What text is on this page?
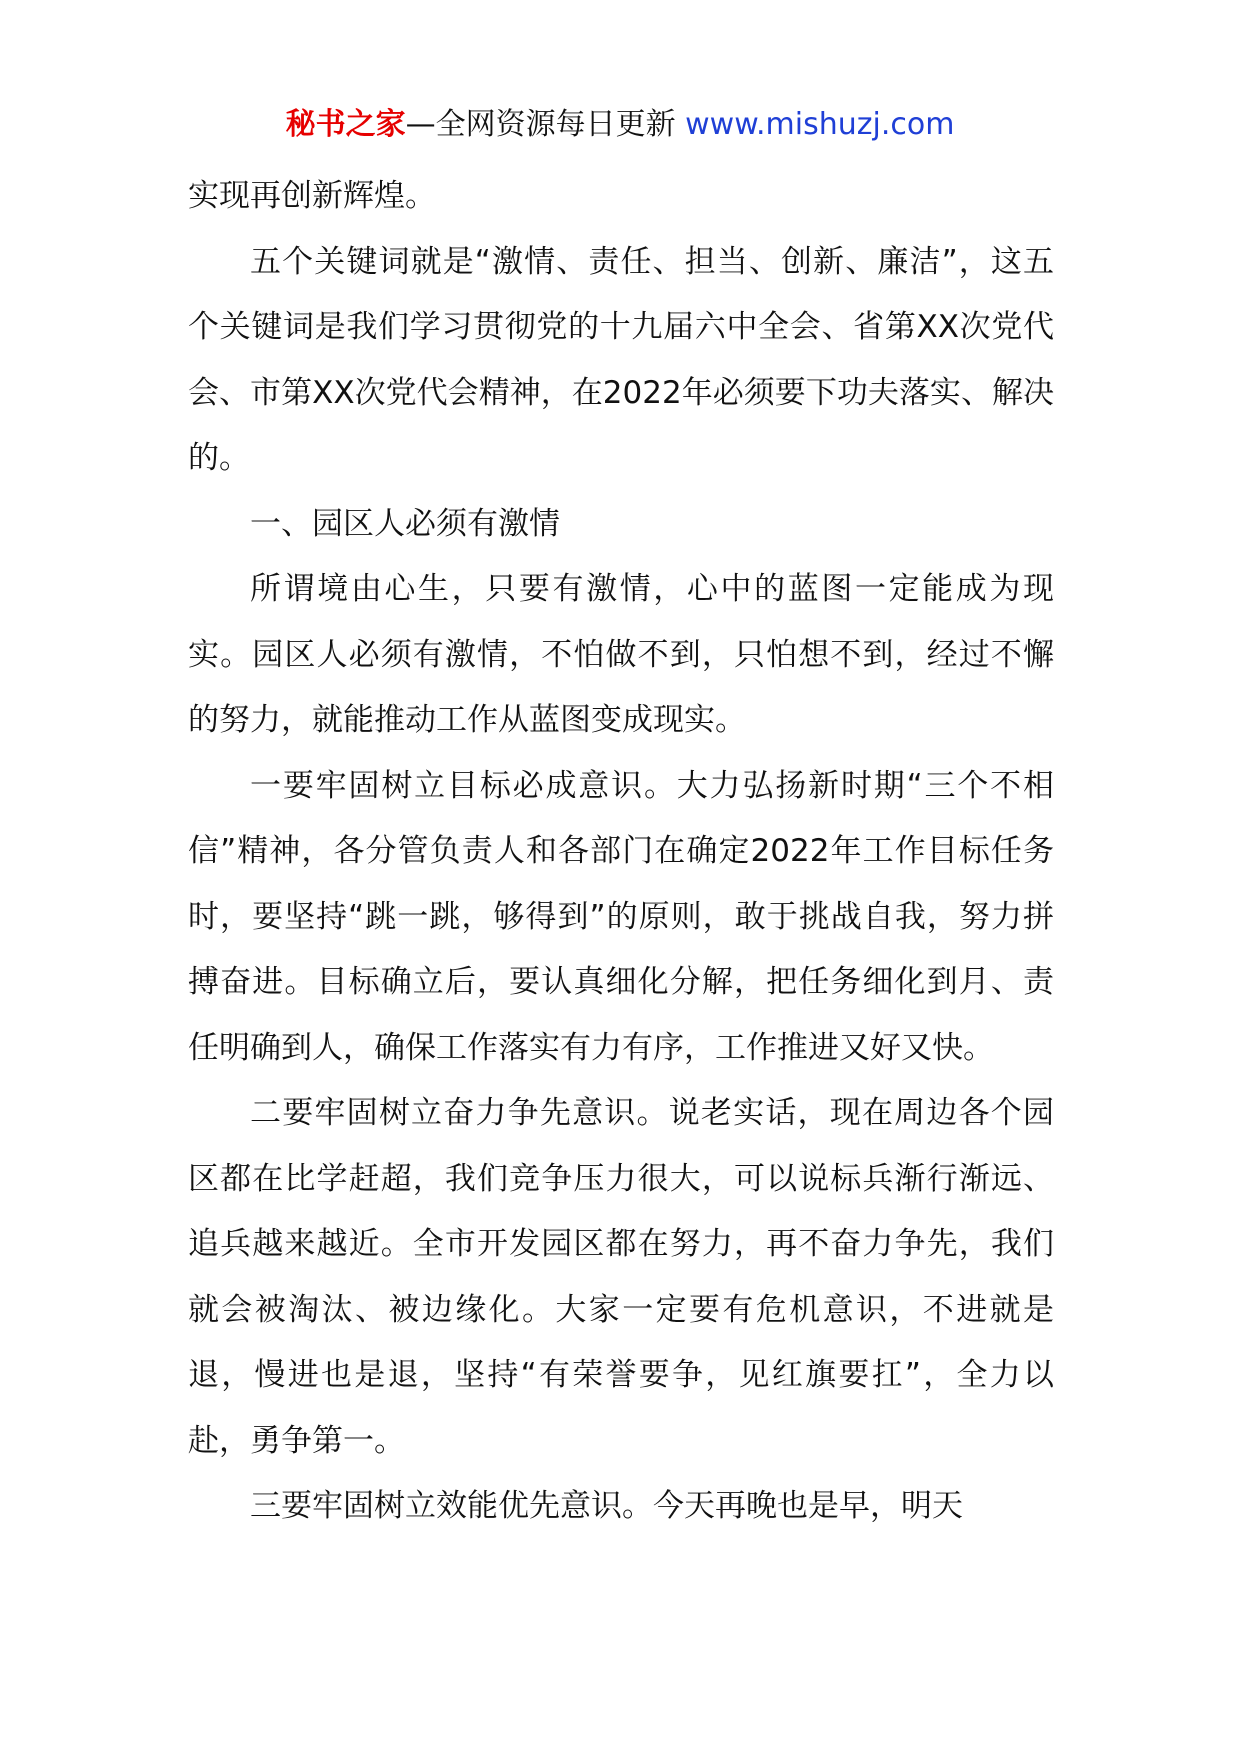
秘书之家—全网资源每日更新 www.mishuzj.com

实现再创新辉煌。

五个关键词就是“激情、责任、担当、创新、廉洁”，这五个关键词是我们学习贯彻党的十九届六中全会、省第XX次党代会、市第XX次党代会精神，在2022年必须要下功夫落实、解决的。

一、园区人必须有激情

所谓境由心生，只要有激情，心中的蓝图一定能成为现实。园区人必须有激情，不怕做不到，只怕想不到，经过不懈的努力，就能推动工作从蓝图变成现实。

一要牢固树立目标必成意识。大力弘扬新时期“三个不相信”精神，各分管负责人和各部门在确定2022年工作目标任务时，要坚持“跳一跳，够得到”的原则，敢于挑战自我，努力拼搏奋进。目标确立后，要认真细化分解，把任务细化到月、责任明确到人，确保工作落实有力有序，工作推进又好又快。

二要牢固树立奋力争先意识。说老实话，现在周边各个园区都在比学赶超，我们竞争压力很大，可以说标兵渐行渐远、追兵越来越近。全市开发园区都在努力，再不奋力争先，我们就会被淘汰、被边缘化。大家一定要有危机意识，不进就是退，慢进也是退，坚持“有荣誉要争，见红旗要扛”，全力以赴，勇争第一。

三要牢固树立效能优先意识。今天再晚也是早，明天
